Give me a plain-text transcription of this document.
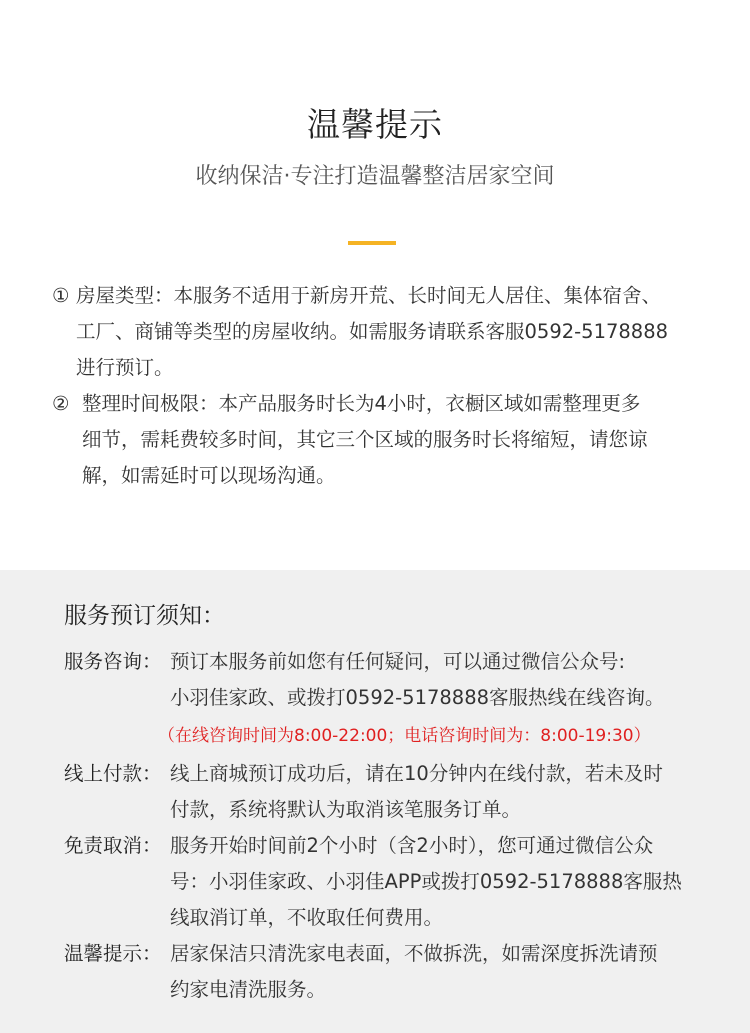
温馨提示
收纳保洁·专注打造温馨整洁居家空间
① 房屋类型：本服务不适用于新房开荒、长时间无人居住、集体宿舍、
工厂、商铺等类型的房屋收纳。如需服务请联系客服0592-5178888
进行预订。
② 整理时间极限：本产品服务时长为4小时，衣橱区域如需整理更多
细节，需耗费较多时间，其它三个区域的服务时长将缩短，请您谅
解，如需延时可以现场沟通。
服务预订须知：
服务咨询： 预订本服务前如您有任何疑问，可以通过微信公众号:
小羽佳家政、或拨打0592-5178888客服热线在线咨询。
（在线咨询时间为8:00-22:00；电话咨询时间为：8:00-19:30）
线上付款： 线上商城预订成功后，请在10分钟内在线付款，若未及时
付款，系统将默认为取消该笔服务订单。
免责取消： 服务开始时间前2个小时（含2小时），您可通过微信公众
号：小羽佳家政、小羽佳APP或拨打0592-5178888客服热
线取消订单，不收取任何费用。
温馨提示： 居家保洁只清洗家电表面，不做拆洗，如需深度拆洗请预
约家电清洗服务。
